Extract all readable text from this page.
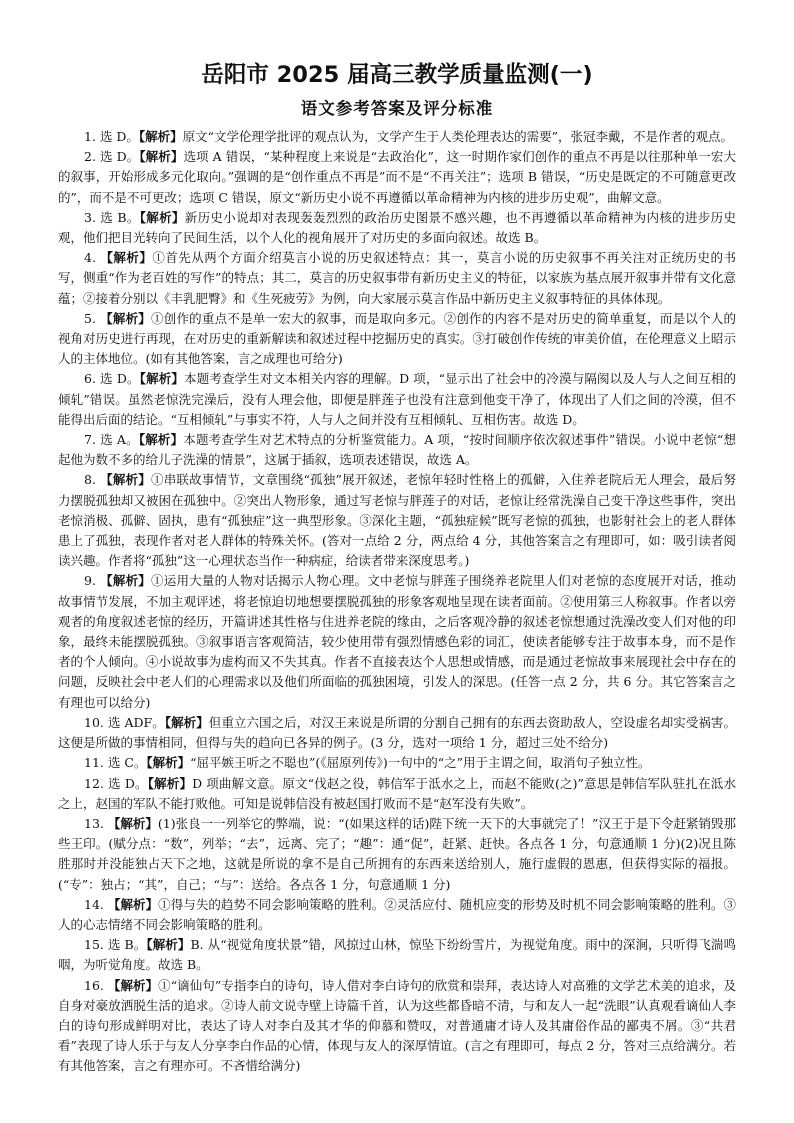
岳阳市 2025 届高三教学质量监测(一)
语文参考答案及评分标准

1. 选 D。【解析】原文“文学伦理学批评的观点认为，文学产生于人类伦理表达的需要”，张冠李戴，不是作者的观点。

2. 选 D。【解析】选项 A 错误，“某种程度上来说是“去政治化”，这一时期作家们创作的重点不再是以往那种单一宏大的叙事，开始形成多元化取向。”强调的是“创作重点不再是”而不是“不再关注”；选项 B 错误，“历史是既定的不可随意更改的”，而不是不可更改；选项 C 错误，原文“新历史小说不再遵循以革命精神为内核的进步历史观”，曲解文意。

3. 选 B。【解析】新历史小说却对表现轰轰烈烈的政治历史图景不感兴趣，也不再遵循以革命精神为内核的进步历史观，他们把目光转向了民间生活，以个人化的视角展开了对历史的多面向叙述。故选 B。

4. 【解析】①首先从两个方面介绍莫言小说的历史叙述特点：其一，莫言小说的历史叙事不再关注对正统历史的书写，侧重“作为老百姓的写作”的特点；其二，莫言的历史叙事带有新历史主义的特征，以家族为基点展开叙事并带有文化意蕴；②接着分别以《丰乳肥臀》和《生死疲劳》为例，向大家展示莫言作品中新历史主义叙事特征的具体体现。

5. 【解析】①创作的重点不是单一宏大的叙事，而是取向多元。②创作的内容不是对历史的简单重复，而是以个人的视角对历史进行再现，在对历史的重新解读和叙述过程中挖掘历史的真实。③打破创作传统的审美价值，在伦理意义上昭示人的主体地位。(如有其他答案，言之成理也可给分)

6. 选 D。【解析】本题考查学生对文本相关内容的理解。D 项，“显示出了社会中的冷漠与隔阂以及人与人之间互相的倾轧”错误。虽然老惊洗完澡后，没有人理会他，即便是胖莲子也没有注意到他变干净了，体现出了人们之间的冷漠，但不能得出后面的结论。“互相倾轧”与事实不符，人与人之间并没有互相倾轧、互相伤害。故选 D。

7. 选 A。【解析】本题考查学生对艺术特点的分析鉴赏能力。A 项，“按时间顺序依次叙述事件”错误。小说中老惊“想起他为数不多的给儿子洗澡的情景”，这属于插叙，选项表述错误，故选 A。

8. 【解析】①串联故事情节，文章围绕“孤独”展开叙述，老惊年轻时性格上的孤僻，入住养老院后无人理会，最后努力摆脱孤独却又被困在孤独中。②突出人物形象，通过写老惊与胖莲子的对话，老惊让经常洗澡自己变干净这些事件，突出老惊消极、孤僻、固执，患有“孤独症”这一典型形象。③深化主题，“孤独症候”既写老惊的孤独，也影射社会上的老人群体患上了孤独，表现作者对老人群体的特殊关怀。(答对一点给 2 分，两点给 4 分，其他答案言之有理即可，如：吸引读者阅读兴趣。作者将“孤独”这一心理状态当作一种病症，给读者带来深度思考。)

9. 【解析】①运用大量的人物对话揭示人物心理。文中老惊与胖莲子围绕养老院里人们对老惊的态度展开对话，推动故事情节发展，不加主观评述，将老惊迫切地想要摆脱孤独的形象客观地呈现在读者面前。②使用第三人称叙事。作者以旁观者的角度叙述老惊的经历，开篇讲述其性格与住进养老院的缘由，之后客观冷静的叙述老惊想通过洗澡改变人们对他的印象，最终未能摆脱孤独。③叙事语言客观简洁，较少使用带有强烈情感色彩的词汇，使读者能够专注于故事本身，而不是作者的个人倾向。④小说故事为虚构而又不失其真。作者不直接表达个人思想或情感，而是通过老惊故事来展现社会中存在的问题，反映社会中老人们的心理需求以及他们所面临的孤独困境，引发人的深思。(任答一点 2 分，共 6 分。其它答案言之有理也可以给分)

10. 选 ADF。【解析】但重立六国之后，对汉王来说是所谓的分割自己拥有的东西去资助敌人，空设虚名却实受祸害。这便是所做的事情相同，但得与失的趋向已各异的例子。(3 分，选对一项给 1 分，超过三处不给分)

11. 选 C。【解析】“屈平嫉王听之不聪也”(《屈原列传》)一句中的“之”用于主谓之间，取消句子独立性。

12. 选 D。【解析】D 项曲解文意。原文“伐赵之役，韩信军于泜水之上，而赵不能败(之)”意思是韩信军队驻扎在泜水之上，赵国的军队不能打败他。可知是说韩信没有被赵国打败而不是“赵军没有失败”。

13. 【解析】(1)张良一一列举它的弊端，说：“(如果这样的话)陛下统一天下的大事就完了！”汉王于是下令赶紧销毁那些王印。(赋分点：“数”，列举；“去”，远离、完了；“趣”：通“促”，赶紧、赶快。各点各 1 分，句意通顺 1 分)(2)况且陈胜那时并没能独占天下之地，这就是所说的拿不是自己所拥有的东西来送给别人，施行虚假的恩惠，但获得实际的福报。(“专”：独占；“其”，自己；“与”：送给。各点各 1 分，句意通顺 1 分)

14. 【解析】①得与失的趋势不同会影响策略的胜利。②灵活应付、随机应变的形势及时机不同会影响策略的胜利。③人的心志情绪不同会影响策略的胜利。

15. 选 B。【解析】B. 从“视觉角度状景”错，风掠过山林，惊坠下纷纷雪片，为视觉角度。雨中的深涧，只听得飞湍鸣咽，为听觉角度。故选 B。

16. 【解析】①“谪仙句”专指李白的诗句，诗人借对李白诗句的欣赏和崇拜，表达诗人对高雅的文学艺术美的追求，及自身对豪放洒脱生活的追求。②诗人前文说寺壁上诗篇千首，认为这些都昏暗不清，与和友人一起“洗眼”认真观看谪仙人李白的诗句形成鲜明对比，表达了诗人对李白及其才华的仰慕和赞叹，对普通庸才诗人及其庸俗作品的鄙夷不屑。③“共君看”表现了诗人乐于与友人分享李白作品的心情，体现与友人的深厚情谊。(言之有理即可，每点 2 分，答对三点给满分。若有其他答案，言之有理亦可。不吝惜给满分)
